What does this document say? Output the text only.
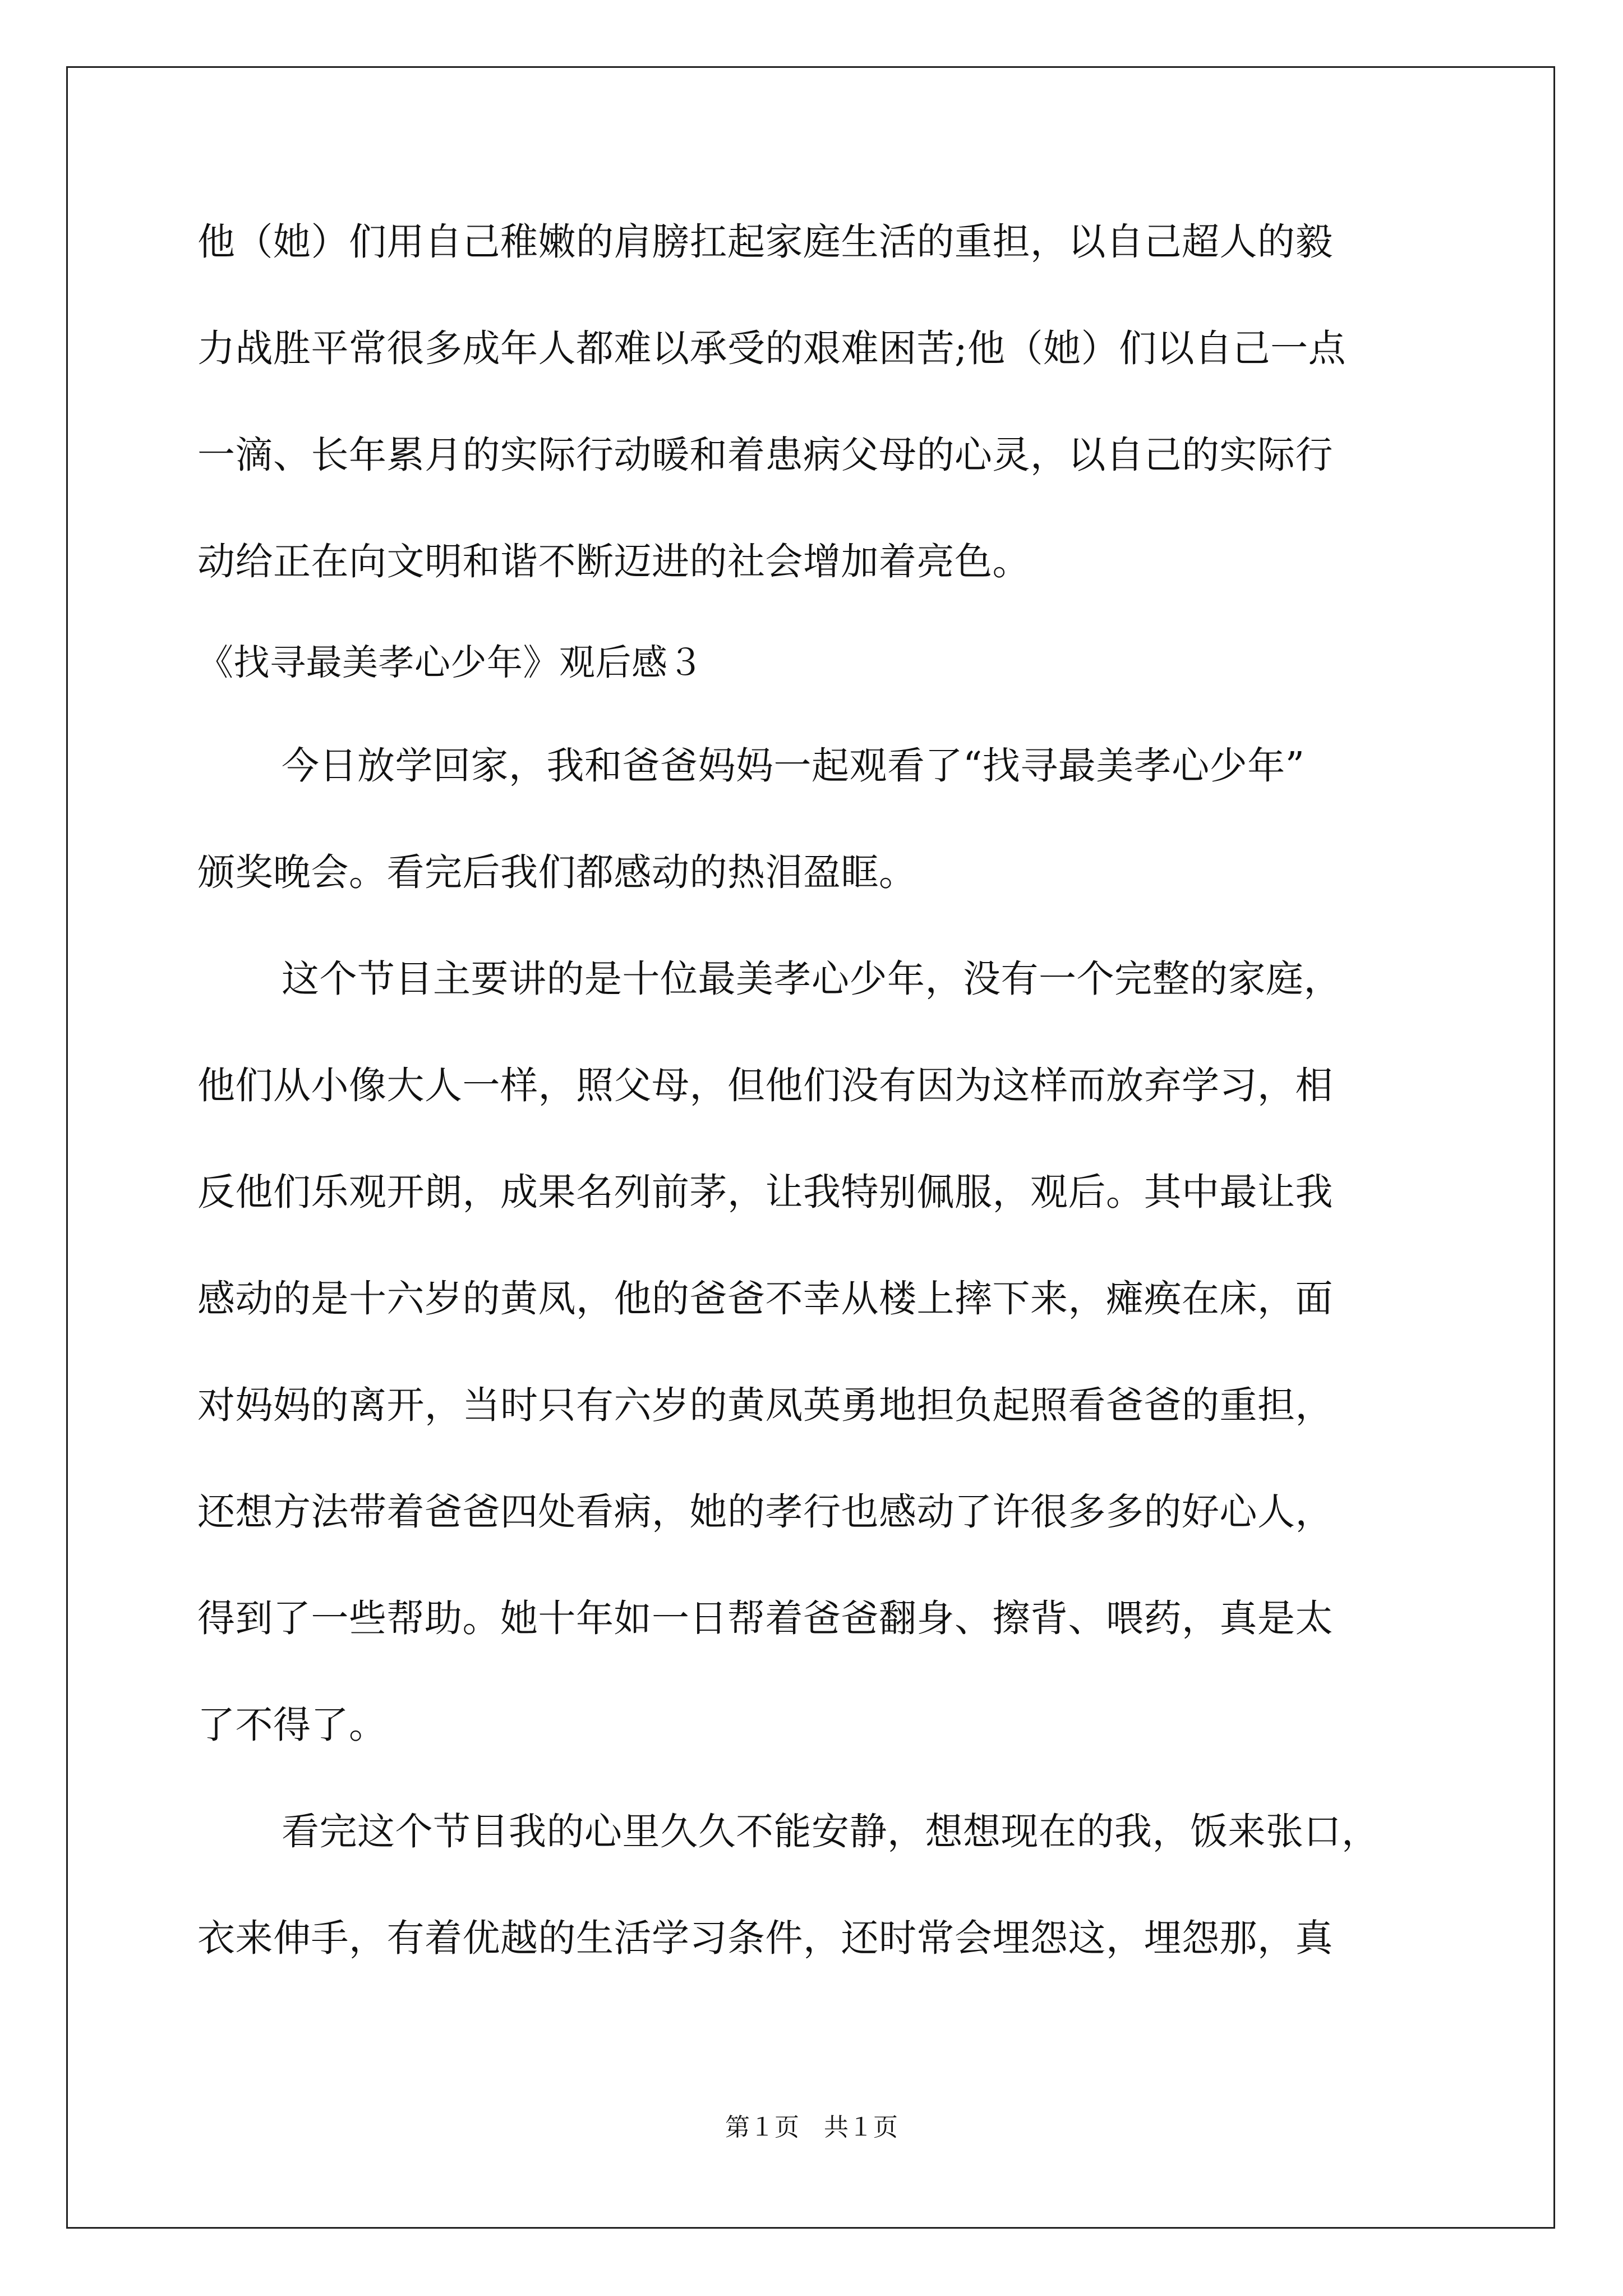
他（她）们用自己稚嫩的肩膀扛起家庭生活的重担，以自己超人的毅
力战胜平常很多成年人都难以承受的艰难困苦;他（她）们以自己一点
一滴、长年累月的实际行动暖和着患病父母的心灵，以自己的实际行
动给正在向文明和谐不断迈进的社会增加着亮色。
《找寻最美孝心少年》观后感３
今日放学回家，我和爸爸妈妈一起观看了“找寻最美孝心少年”
颁奖晚会。看完后我们都感动的热泪盈眶。
这个节目主要讲的是十位最美孝心少年，没有一个完整的家庭，
他们从小像大人一样，照父母，但他们没有因为这样而放弃学习，相
反他们乐观开朗，成果名列前茅，让我特别佩服，观后。其中最让我
感动的是十六岁的黄凤，他的爸爸不幸从楼上摔下来，瘫痪在床，面
对妈妈的离开，当时只有六岁的黄凤英勇地担负起照看爸爸的重担，
还想方法带着爸爸四处看病，她的孝行也感动了许很多多的好心人，
得到了一些帮助。她十年如一日帮着爸爸翻身、擦背、喂药，真是太
了不得了。
看完这个节目我的心里久久不能安静，想想现在的我，饭来张口，
衣来伸手，有着优越的生活学习条件，还时常会埋怨这，埋怨那，真
第１页　共１页
